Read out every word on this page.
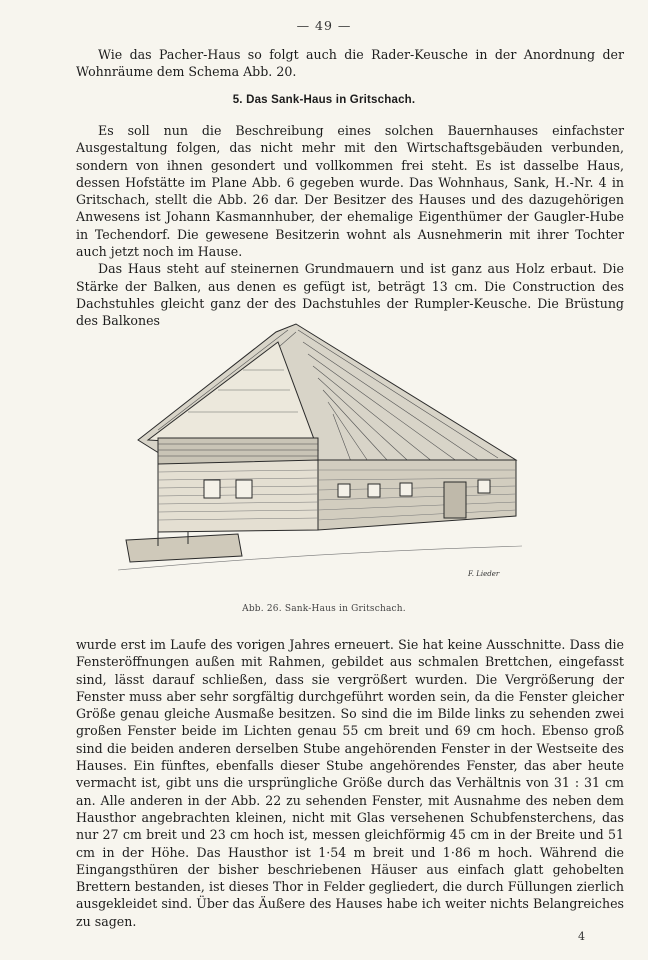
— 49 —

Wie das Pacher-Haus so folgt auch die Rader-Keusche in der Anordnung der Wohnräume dem Schema Abb. 20.

5. Das Sank-Haus in Gritschach.

Es soll nun die Beschreibung eines solchen Bauernhauses einfachster Ausgestaltung folgen, das nicht mehr mit den Wirtschaftsgebäuden verbunden, sondern von ihnen gesondert und vollkommen frei steht. Es ist dasselbe Haus, dessen Hofstätte im Plane Abb. 6 gegeben wurde. Das Wohnhaus, Sank, H.-Nr. 4 in Gritschach, stellt die Abb. 26 dar. Der Besitzer des Hauses und des dazugehörigen Anwesens ist Johann Kasmannhuber, der ehemalige Eigenthümer der Gaugler-Hube in Techendorf. Die gewesene Besitzerin wohnt als Ausnehmerin mit ihrer Tochter auch jetzt noch im Hause.

Das Haus steht auf steinernen Grundmauern und ist ganz aus Holz erbaut. Die Stärke der Balken, aus denen es gefügt ist, beträgt 13 cm. Die Construction des Dachstuhles gleicht ganz der des Dachstuhles der Rumpler-Keusche. Die Brüstung des Balkones

F. Lieder
Abb. 26. Sank-Haus in Gritschach.

wurde erst im Laufe des vorigen Jahres erneuert. Sie hat keine Ausschnitte. Dass die Fensteröffnungen außen mit Rahmen, gebildet aus schmalen Brettchen, eingefasst sind, lässt darauf schließen, dass sie vergrößert wurden. Die Vergrößerung der Fenster muss aber sehr sorgfältig durchgeführt worden sein, da die Fenster gleicher Größe genau gleiche Ausmaße besitzen. So sind die im Bilde links zu sehenden zwei großen Fenster beide im Lichten genau 55 cm breit und 69 cm hoch. Ebenso groß sind die beiden anderen derselben Stube angehörenden Fenster in der Westseite des Hauses. Ein fünftes, ebenfalls dieser Stube angehörendes Fenster, das aber heute vermacht ist, gibt uns die ursprüngliche Größe durch das Verhältnis von 31 : 31 cm an. Alle anderen in der Abb. 22 zu sehenden Fenster, mit Ausnahme des neben dem Hausthor angebrachten kleinen, nicht mit Glas versehenen Schubfensterchens, das nur 27 cm breit und 23 cm hoch ist, messen gleichförmig 45 cm in der Breite und 51 cm in der Höhe. Das Hausthor ist 1·54 m breit und 1·86 m hoch. Während die Eingangsthüren der bisher beschriebenen Häuser aus einfach glatt gehobelten Brettern bestanden, ist dieses Thor in Felder gegliedert, die durch Füllungen zierlich ausgekleidet sind. Über das Äußere des Hauses habe ich weiter nichts Belangreiches zu sagen.

4
